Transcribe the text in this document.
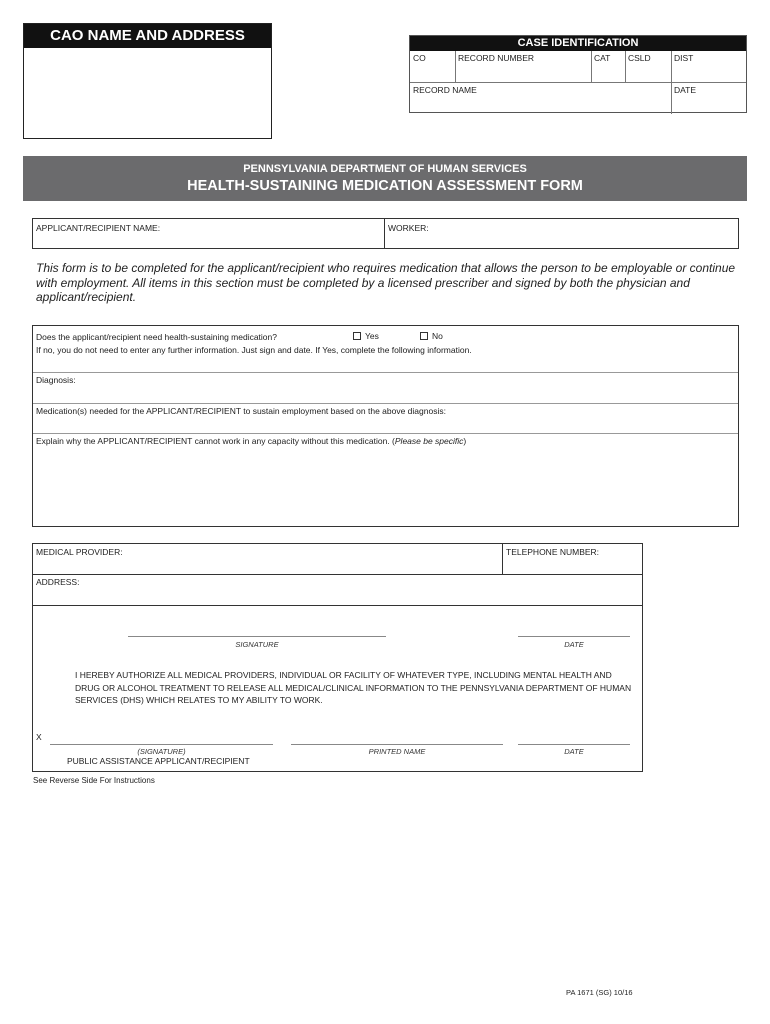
CAO NAME AND ADDRESS	CASE IDENTIFICATION
CO	RECORD NUMBER	CAT	CSLD	DIST
RECORD NAME	DATE
PENNSYLVANIA DEPARTMENT OF HUMAN SERVICES
HEALTH-SUSTAINING MEDICATION ASSESSMENT FORM
APPLICANT/RECIPIENT NAME:	WORKER:
This form is to be completed for the applicant/recipient who requires medication that allows the person to be employable or continue with employment. All items in this section must be completed by a licensed prescriber and signed by both the physician and applicant/recipient.
Does the applicant/recipient need health-sustaining medication?	Yes	No
If no, you do not need to enter any further information. Just sign and date. If Yes, complete the following information.
Diagnosis:
Medication(s) needed for the APPLICANT/RECIPIENT to sustain employment based on the above diagnosis:
Explain why the APPLICANT/RECIPIENT cannot work in any capacity without this medication. (Please be specific)
MEDICAL PROVIDER:	TELEPHONE NUMBER:
ADDRESS:
SIGNATURE	DATE
I HEREBY AUTHORIZE ALL MEDICAL PROVIDERS, INDIVIDUAL OR FACILITY OF WHATEVER TYPE, INCLUDING MENTAL HEALTH AND DRUG OR ALCOHOL TREATMENT TO RELEASE ALL MEDICAL/CLINICAL INFORMATION TO THE PENNSYLVANIA DEPARTMENT OF HUMAN SERVICES (DHS) WHICH RELATES TO MY ABILITY TO WORK.
X
(SIGNATURE)
PUBLIC ASSISTANCE APPLICANT/RECIPIENT
PRINTED NAME	DATE
See Reverse Side For Instructions
PA 1671 (SG) 10/16
